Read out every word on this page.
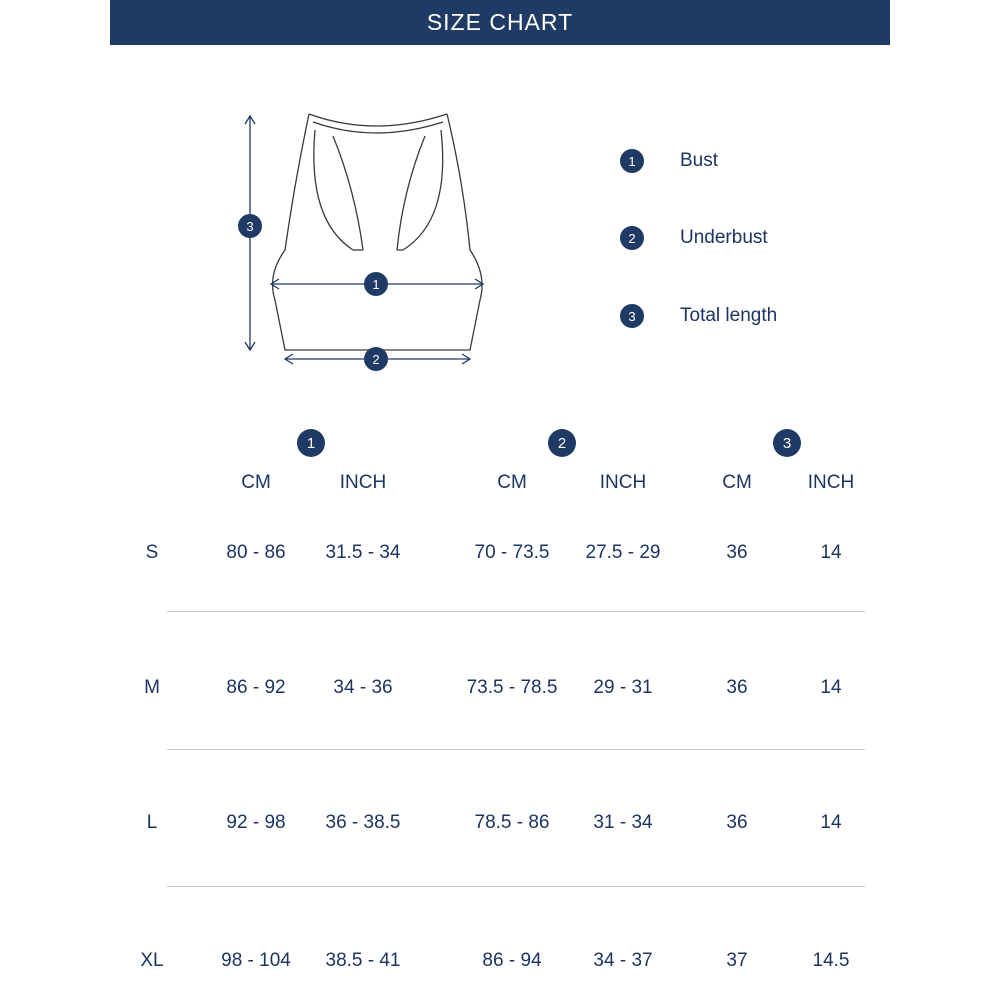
SIZE CHART
3
1
2
1	Bust
2	Underbust
3	Total length
1	2	3
CM	INCH	CM	INCH	CM	INCH
S	80 - 86	31.5 - 34	70 - 73.5	27.5 - 29	36	14
M	86 - 92	34 - 36	73.5 - 78.5	29 - 31	36	14
L	92 - 98	36 - 38.5	78.5 - 86	31 - 34	36	14
XL	98 - 104	38.5 - 41	86 - 94	34 - 37	37	14.5
